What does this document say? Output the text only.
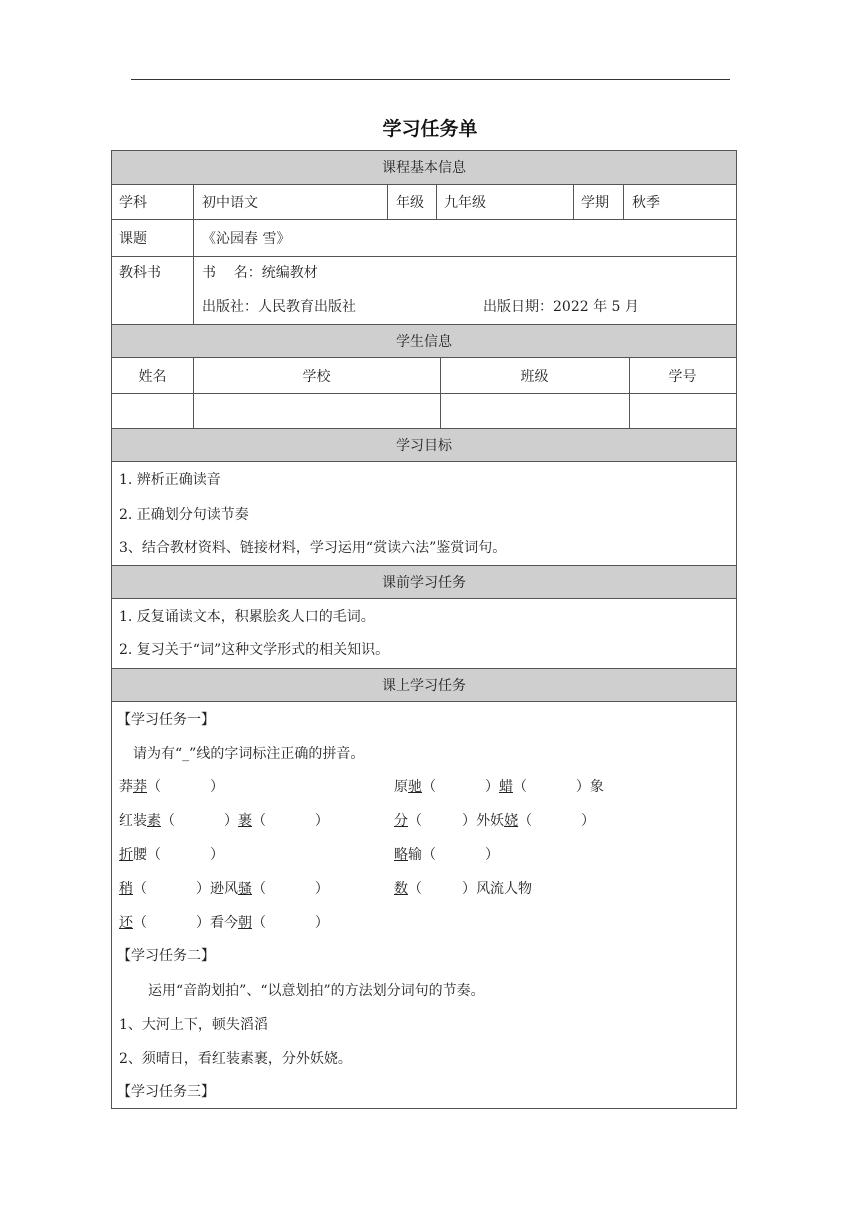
学习任务单
课程基本信息
学科	初中语文	年级 九年级	学期 秋季
课题	《沁园春 雪》
教科书	书    名：统编教材
出版社：人民教育出版社	出版日期：2022 年 5 月
学生信息
姓名	学校	班级	学号
学习目标
1. 辨析正确读音
2. 正确划分句读节奏
3、结合教材资料、链接材料，学习运用“赏读六法”鉴赏词句。
课前学习任务
1. 反复诵读文本，积累脍炙人口的毛词。
2. 复习关于“词”这种文学形式的相关知识。
课上学习任务
【学习任务一】
请为有“_”线的字词标注正确的拼音。
莽莽（           ）	原驰（           ）蜡（           ）象
红装素（           ）裹（           ）	分（         ）外妖娆（           ）
折腰（           ）	略输（           ）
稍（           ）逊风骚（           ）	数（         ）风流人物
还（           ）看今朝（           ）
【学习任务二】
运用“音韵划拍”、“以意划拍”的方法划分词句的节奏。
1、大河上下，顿失滔滔
2、须晴日，看红装素裹，分外妖娆。
【学习任务三】
